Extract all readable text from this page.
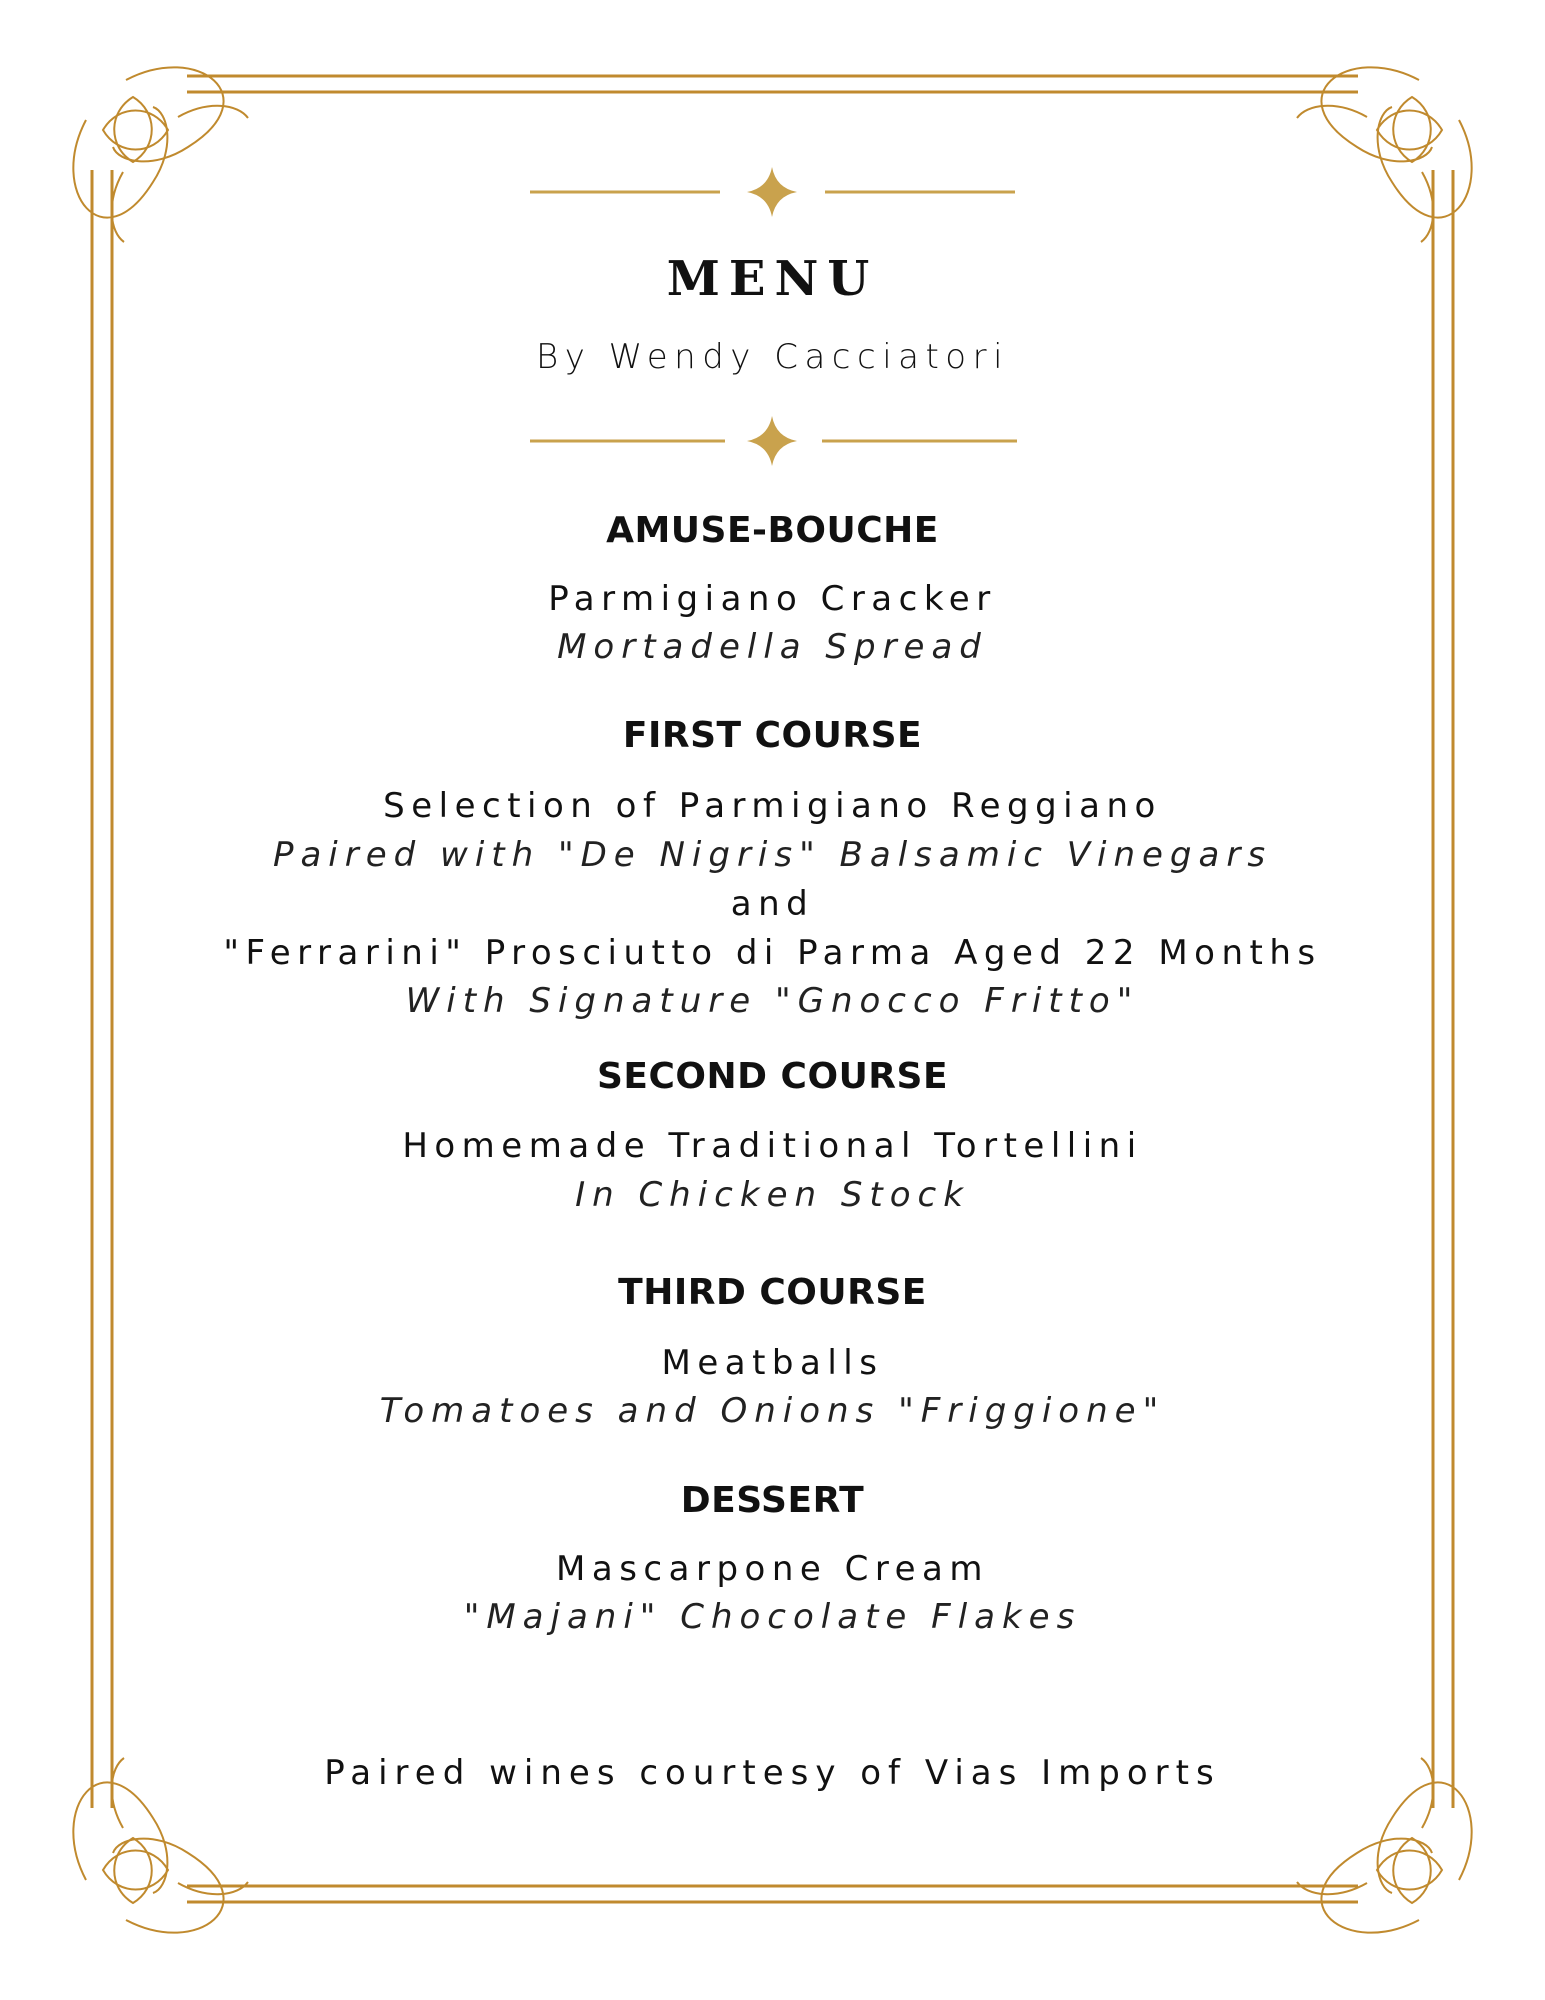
MENU
By Wendy Cacciatori
AMUSE-BOUCHE
Parmigiano Cracker
Mortadella Spread
FIRST COURSE
Selection of Parmigiano Reggiano
Paired with "De Nigris" Balsamic Vinegars
and
"Ferrarini" Prosciutto di Parma Aged 22 Months
With Signature "Gnocco Fritto"
SECOND COURSE
Homemade Traditional Tortellini
In Chicken Stock
THIRD COURSE
Meatballs
Tomatoes and Onions "Friggione"
DESSERT
Mascarpone Cream
"Majani" Chocolate Flakes
Paired wines courtesy of Vias Imports
